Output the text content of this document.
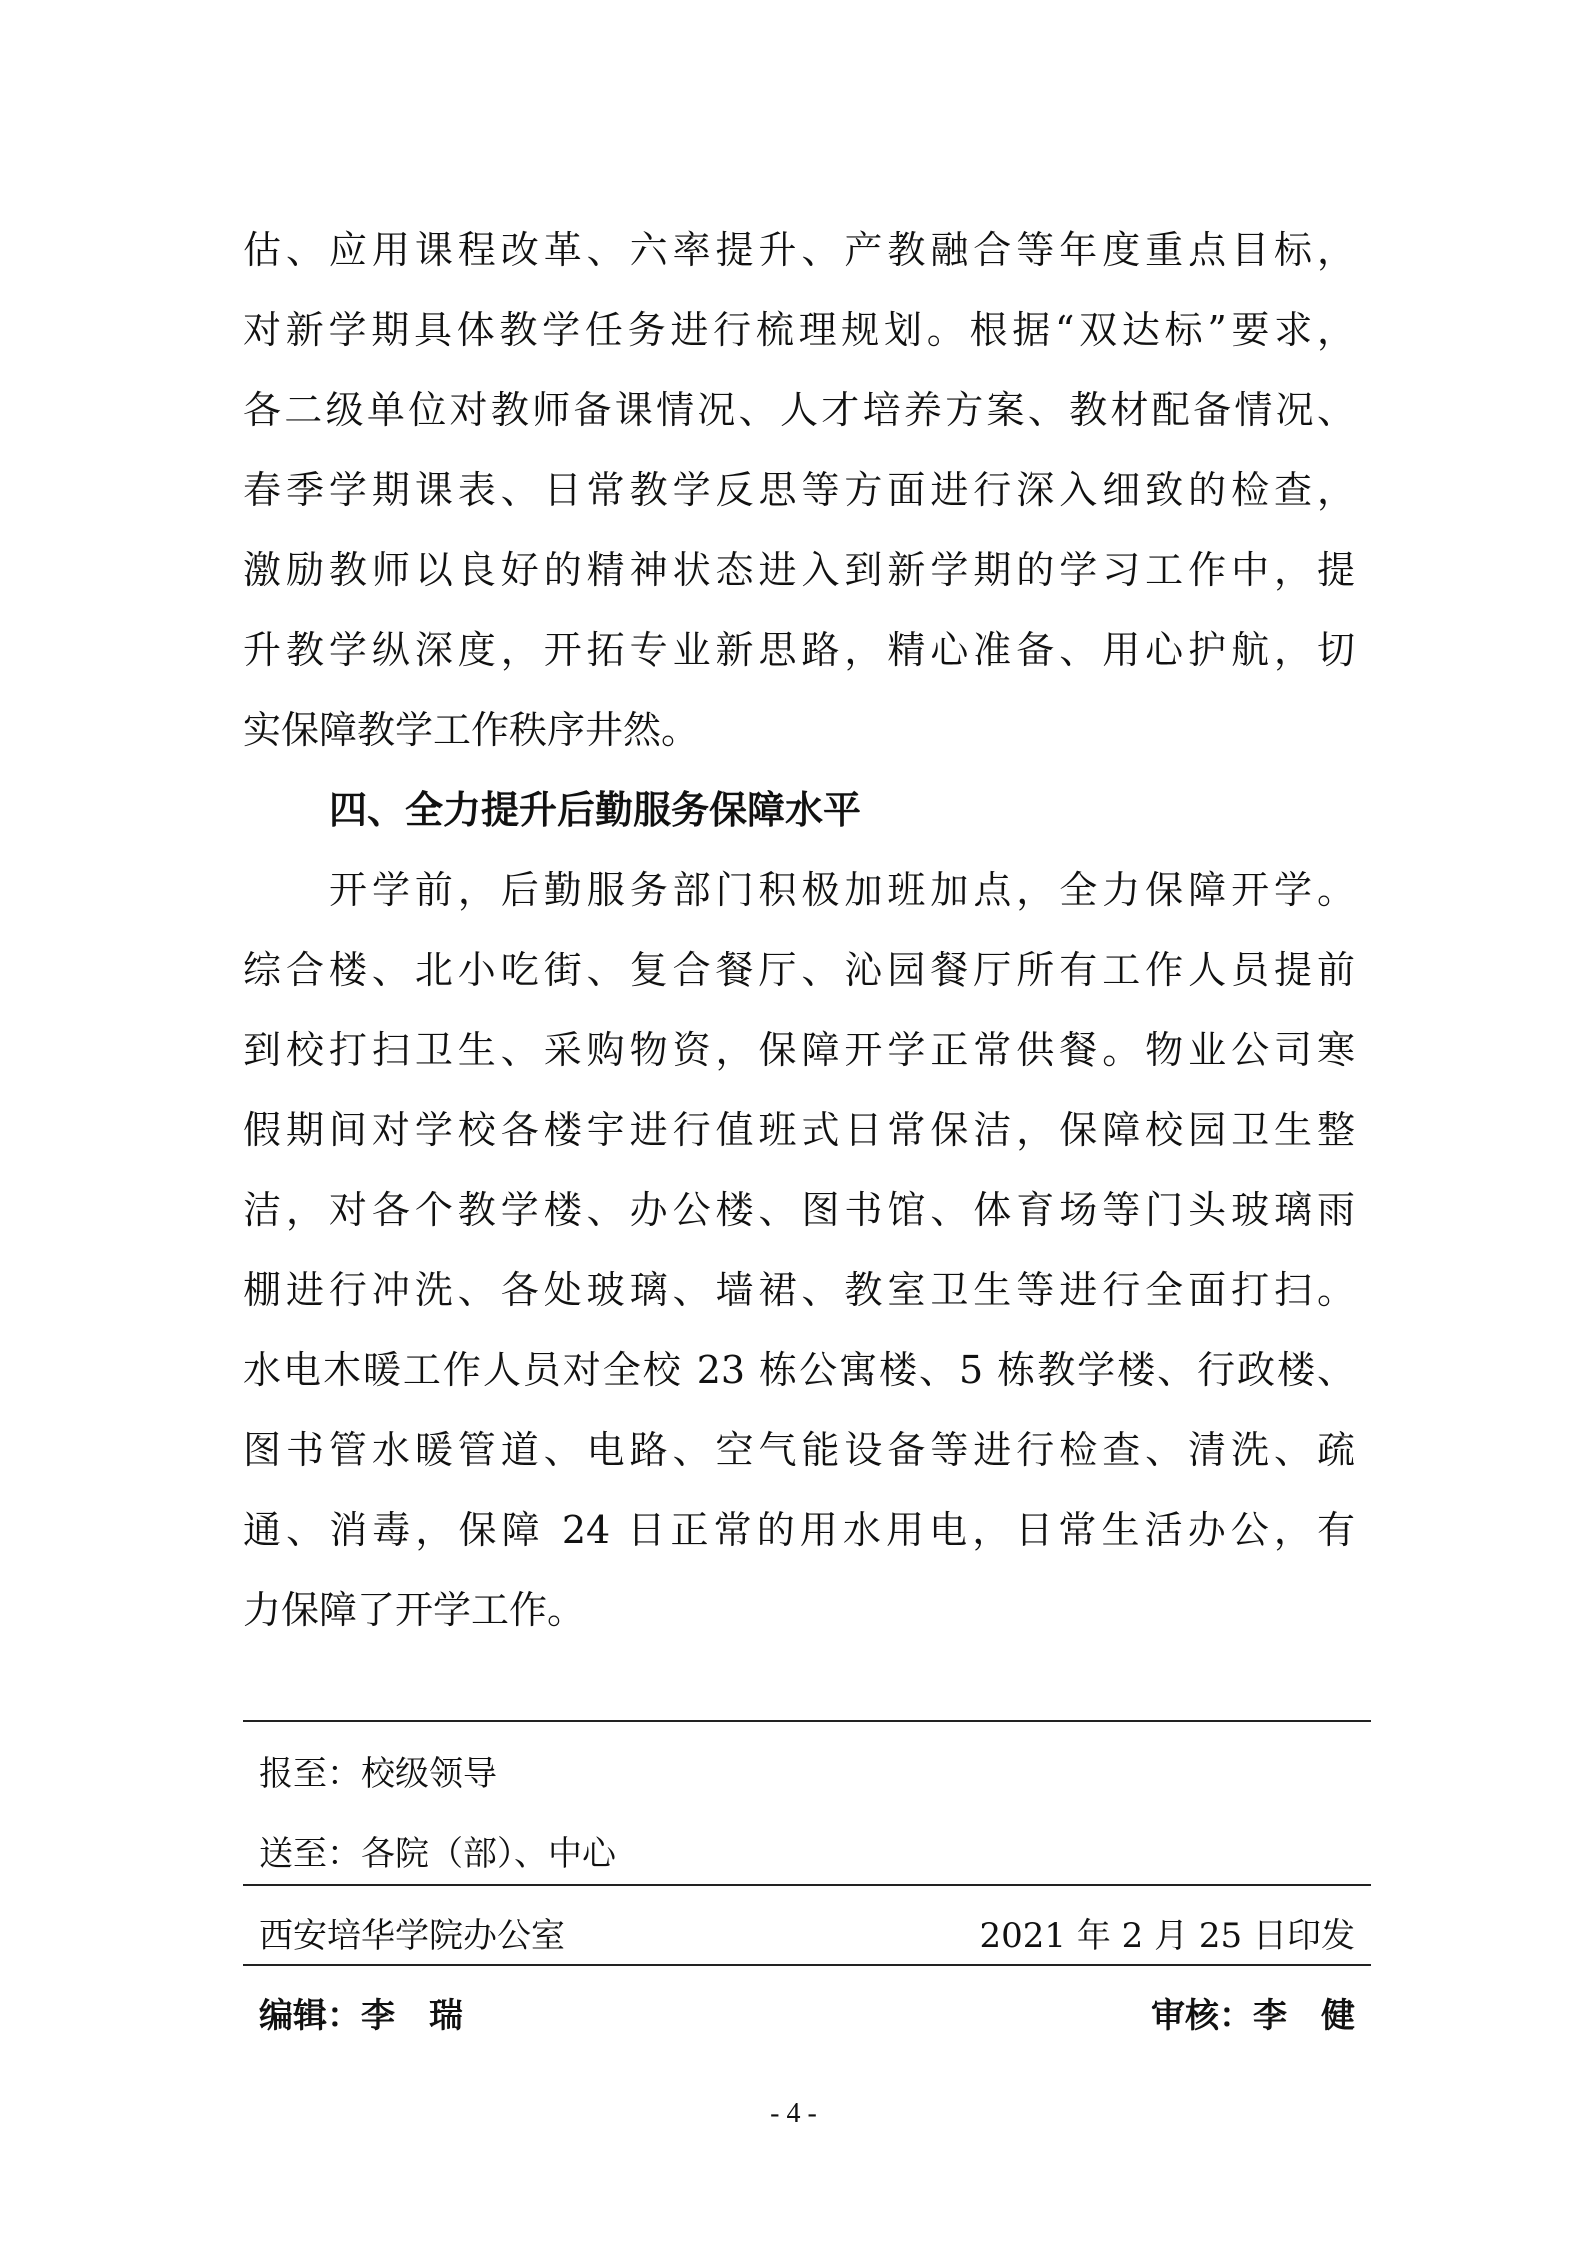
估、应用课程改革、六率提升、产教融合等年度重点目标，
对新学期具体教学任务进行梳理规划。根据“双达标”要求，
各二级单位对教师备课情况、人才培养方案、教材配备情况、
春季学期课表、日常教学反思等方面进行深入细致的检查，
激励教师以良好的精神状态进入到新学期的学习工作中，提
升教学纵深度，开拓专业新思路，精心准备、用心护航，切
实保障教学工作秩序井然。
四、全力提升后勤服务保障水平
开学前，后勤服务部门积极加班加点，全力保障开学。
综合楼、北小吃街、复合餐厅、沁园餐厅所有工作人员提前
到校打扫卫生、采购物资，保障开学正常供餐。物业公司寒
假期间对学校各楼宇进行值班式日常保洁，保障校园卫生整
洁，对各个教学楼、办公楼、图书馆、体育场等门头玻璃雨
棚进行冲洗、各处玻璃、墙裙、教室卫生等进行全面打扫。
水电木暖工作人员对全校 23 栋公寓楼、5 栋教学楼、行政楼、
图书管水暖管道、电路、空气能设备等进行检查、清洗、疏
通、消毒，保障 24 日正常的用水用电，日常生活办公，有
力保障了开学工作。
报至：校级领导
送至：各院（部）、中心
西安培华学院办公室	2021 年 2 月 25 日印发
编辑：李　瑞	审核：李　健
- 4 -
